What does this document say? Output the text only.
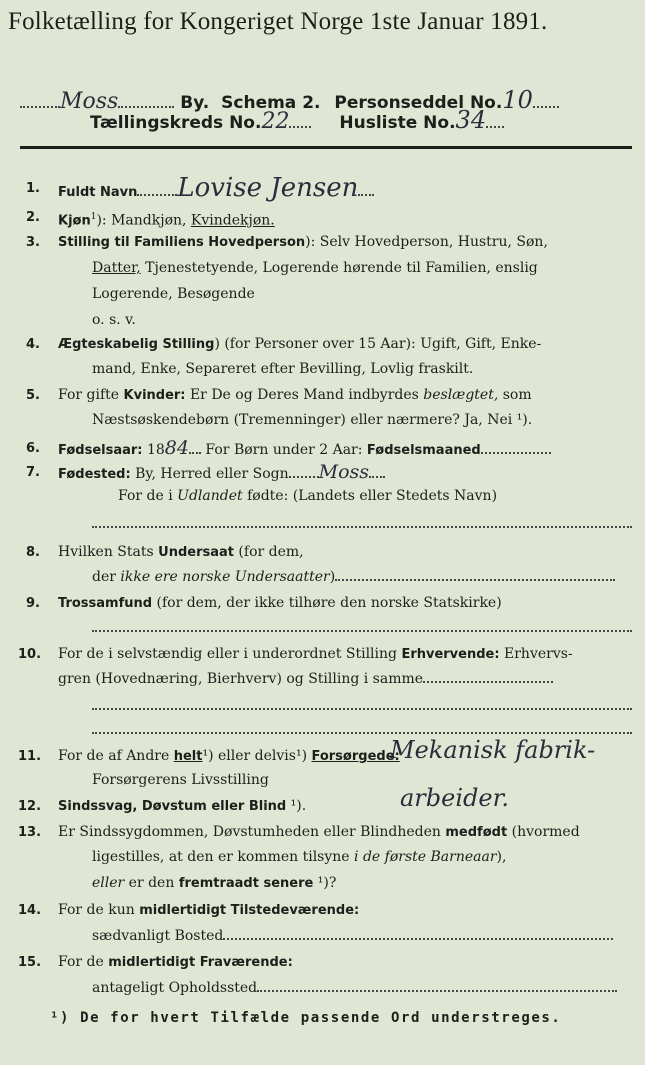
Folketælling for Kongeriget Norge 1ste Januar 1891.
Moss	By. Schema 2. Personseddel No.10
Tællingskreds No.22	Husliste No.34
1.	Fuldt Navn Lovise Jensen
2.	Kjøn$^1$): Mandkjøn, Kvindekjøn.
3.	Stilling til Familiens Hovedperson): Selv Hovedperson, Hustru, Søn,
Datter, Tjenestetyende, Logerende hørende til Familien, enslig
Logerende, Besøgende
o. s. v.
4.	Ægteskabelig Stilling) (for Personer over 15 Aar): Ugift, Gift, Enke-
mand, Enke, Separeret efter Bevilling, Lovlig fraskilt.
5.	For gifte Kvinder: Er De og Deres Mand indbyrdes beslægtet, som
Næstsøskendebørn (Tremenninger) eller nærmere? Ja, Nei ¹).
6.	Fødselsaar: 1884 For Børn under 2 Aar: Fødselsmaaned
7.	Fødested: By, Herred eller Sogn Moss
For de i Udlandet fødte: (Landets eller Stedets Navn)
8.	Hvilken Stats Undersaat (for dem,
der ikke ere norske Undersaatter)
9.	Trossamfund (for dem, der ikke tilhøre den norske Statskirke)
10.	For de i selvstændig eller i underordnet Stilling Erhvervende: Erhvervs-
gren (Hovednæring, Bierhverv) og Stilling i samme
11.	For de af Andre helt¹) eller delvis¹) Forsørgede:
Mekanisk fabrik-
Forsørgerens Livsstilling
12.	Sindssvag, Døvstum eller Blind ¹).	arbeider.
13.	Er Sindssygdommen, Døvstumheden eller Blindheden medfødt (hvormed
ligestilles, at den er kommen tilsyne i de første Barneaar),
eller er den fremtraadt senere ¹)?
14.	For de kun midlertidigt Tilstedeværende:
sædvanligt Bosted
15.	For de midlertidigt Fraværende:
antageligt Opholdssted
¹) De for hvert Tilfælde passende Ord understreges.
